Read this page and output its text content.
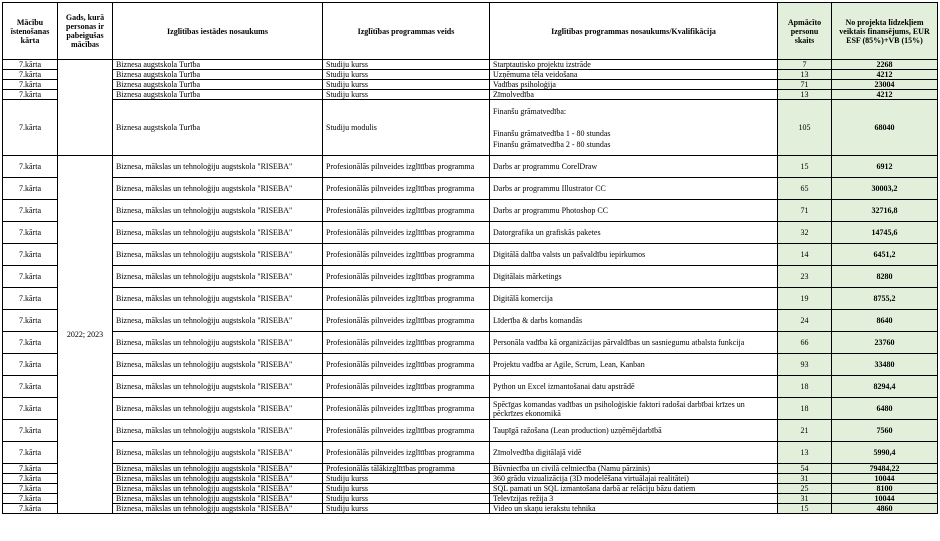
Mācību īstenošanas kārta	Gads, kurā personas ir pabeigušas mācības	Izglītības iestādes nosaukums	Izglītības programmas veids	Izglītības programmas nosaukums/Kvalifikācija	Apmācīto personu skaits	No projekta līdzekļiem veiktais finansējums, EUR ESF (85%)+VB (15%)
7.kārta		Biznesa augstskola Turība	Studiju kurss	Starptautisko projektu izstrāde	7	2268
7.kārta		Biznesa augstskola Turība	Studiju kurss	Uzņēmuma tēla veidošana	13	4212
7.kārta		Biznesa augstskola Turība	Studiju kurss	Vadības psiholoģija	71	23004
7.kārta		Biznesa augstskola Turība	Studiju kurss	Zīmolvedība	13	4212
7.kārta		Biznesa augstskola Turība	Studiju modulis	Finanšu grāmatvedība:

Finanšu grāmatvedība 1 - 80 stundas
Finanšu grāmatvedība 2 - 80 stundas	105	68040
7.kārta	2022; 2023	Biznesa, mākslas un tehnoloģiju augstskola "RISEBA"	Profesionālās pilnveides izglītības programma	Darbs ar programmu CorelDraw	15	6912
7.kārta		Biznesa, mākslas un tehnoloģiju augstskola "RISEBA"	Profesionālās pilnveides izglītības programma	Darbs ar programmu Illustrator CC	65	30003,2
7.kārta		Biznesa, mākslas un tehnoloģiju augstskola "RISEBA"	Profesionālās pilnveides izglītības programma	Darbs ar programmu Photoshop CC	71	32716,8
7.kārta		Biznesa, mākslas un tehnoloģiju augstskola "RISEBA"	Profesionālās pilnveides izglītības programma	Datorgrafika un grafiskās paketes	32	14745,6
7.kārta		Biznesa, mākslas un tehnoloģiju augstskola "RISEBA"	Profesionālās pilnveides izglītības programma	Digitālā dalība valsts un pašvaldību iepirkumos	14	6451,2
7.kārta		Biznesa, mākslas un tehnoloģiju augstskola "RISEBA"	Profesionālās pilnveides izglītības programma	Digitālais mārketings	23	8280
7.kārta		Biznesa, mākslas un tehnoloģiju augstskola "RISEBA"	Profesionālās pilnveides izglītības programma	Digitālā komercija	19	8755,2
7.kārta		Biznesa, mākslas un tehnoloģiju augstskola "RISEBA"	Profesionālās pilnveides izglītības programma	Līderība & darbs komandās	24	8640
7.kārta		Biznesa, mākslas un tehnoloģiju augstskola "RISEBA"	Profesionālās pilnveides izglītības programma	Personāla vadība kā organizācijas pārvaldības un sasniegumu atbalsta funkcija	66	23760
7.kārta		Biznesa, mākslas un tehnoloģiju augstskola "RISEBA"	Profesionālās pilnveides izglītības programma	Projektu vadība ar Agile, Scrum, Lean, Kanban	93	33480
7.kārta		Biznesa, mākslas un tehnoloģiju augstskola "RISEBA"	Profesionālās pilnveides izglītības programma	Python un Excel izmantošanai datu apstrādē	18	8294,4
7.kārta		Biznesa, mākslas un tehnoloģiju augstskola "RISEBA"	Profesionālās pilnveides izglītības programma	Spēcīgas komandas vadības un psiholoģiskie faktori radošai darbībai krīzes un pēckrīzes ekonomikā	18	6480
7.kārta		Biznesa, mākslas un tehnoloģiju augstskola "RISEBA"	Profesionālās pilnveides izglītības programma	Taupīgā ražošana (Lean production) uzņēmējdarbībā	21	7560
7.kārta		Biznesa, mākslas un tehnoloģiju augstskola "RISEBA"	Profesionālās pilnveides izglītības programma	Zīmolvedība digitālajā vidē	13	5990,4
7.kārta		Biznesa, mākslas un tehnoloģiju augstskola "RISEBA"	Profesionālās tālākizglītības programma	Būvniecība un civilā celtniecība (Namu pārzinis)	54	79484,22
7.kārta		Biznesa, mākslas un tehnoloģiju augstskola "RISEBA"	Studiju kurss	360 grādu vizualizācija (3D modelēšana virtuālajai realitātei)	31	10044
7.kārta		Biznesa, mākslas un tehnoloģiju augstskola "RISEBA"	Studiju kurss	SQL pamati un SQL izmantošana darbā ar relāciju bāzu datiem	25	8100
7.kārta		Biznesa, mākslas un tehnoloģiju augstskola "RISEBA"	Studiju kurss	Televīzijas režija 3	31	10044
7.kārta		Biznesa, mākslas un tehnoloģiju augstskola "RISEBA"	Studiju kurss	Video un skaņu ierakstu tehnika	15	4860
